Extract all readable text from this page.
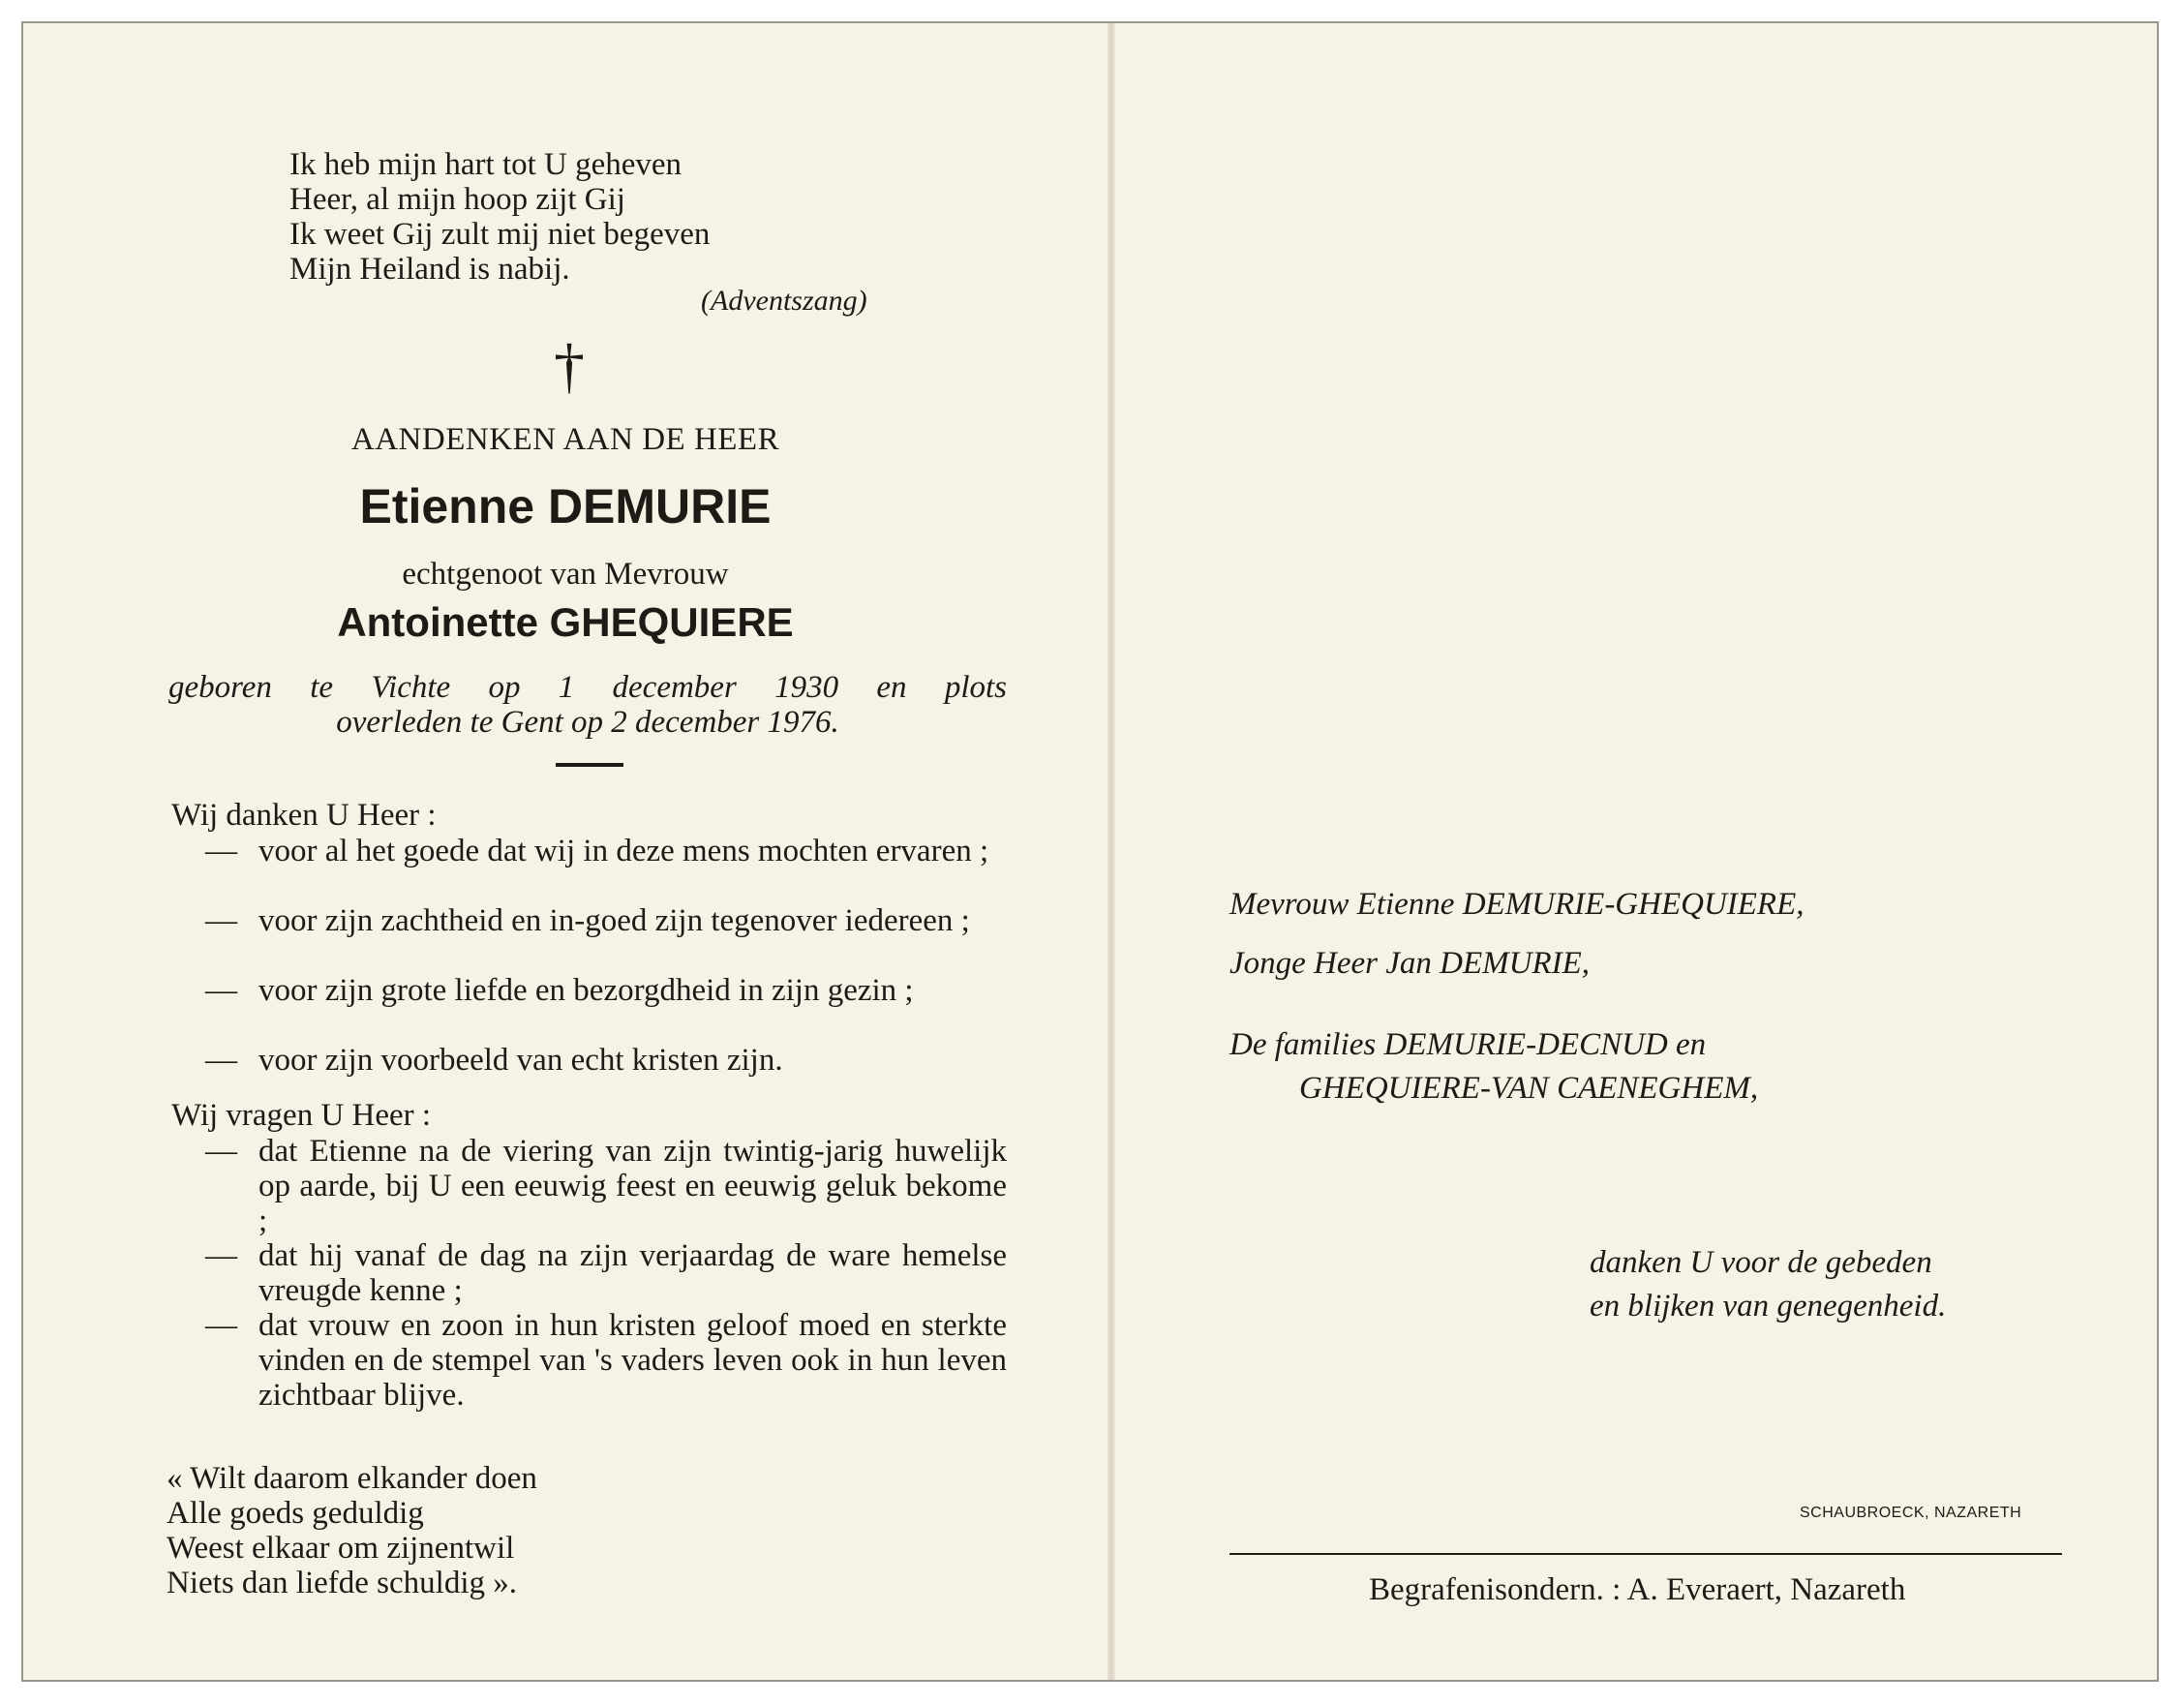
Ik heb mijn hart tot U geheven
Heer, al mijn hoop zijt Gij
Ik weet Gij zult mij niet begeven
Mijn Heiland is nabij.
(Adventszang)
†
AANDENKEN AAN DE HEER
Etienne DEMURIE
echtgenoot van Mevrouw
Antoinette GHEQUIERE
geboren te Vichte op 1 december 1930 en plots
overleden te Gent op 2 december 1976.
Wij danken U Heer :
— voor al het goede dat wij in deze mens mochten ervaren ;
— voor zijn zachtheid en in-goed zijn tegenover iedereen ;
— voor zijn grote liefde en bezorgdheid in zijn gezin ;
— voor zijn voorbeeld van echt kristen zijn.
Wij vragen U Heer :
— dat Etienne na de viering van zijn twintig-jarig huwelijk op aarde, bij U een eeuwig feest en eeuwig geluk bekome ;
— dat hij vanaf de dag na zijn verjaardag de ware hemelse vreugde kenne ;
— dat vrouw en zoon in hun kristen geloof moed en sterkte vinden en de stempel van 's vaders leven ook in hun leven zichtbaar blijve.
« Wilt daarom elkander doen
Alle goeds geduldig
Weest elkaar om zijnentwil
Niets dan liefde schuldig ».
Mevrouw Etienne DEMURIE-GHEQUIERE,
Jonge Heer Jan DEMURIE,
De families DEMURIE-DECNUD en
GHEQUIERE-VAN CAENEGHEM,
danken U voor de gebeden
en blijken van genegenheid.
SCHAUBROECK, NAZARETH
Begrafenisondern. : A. Everaert, Nazareth
